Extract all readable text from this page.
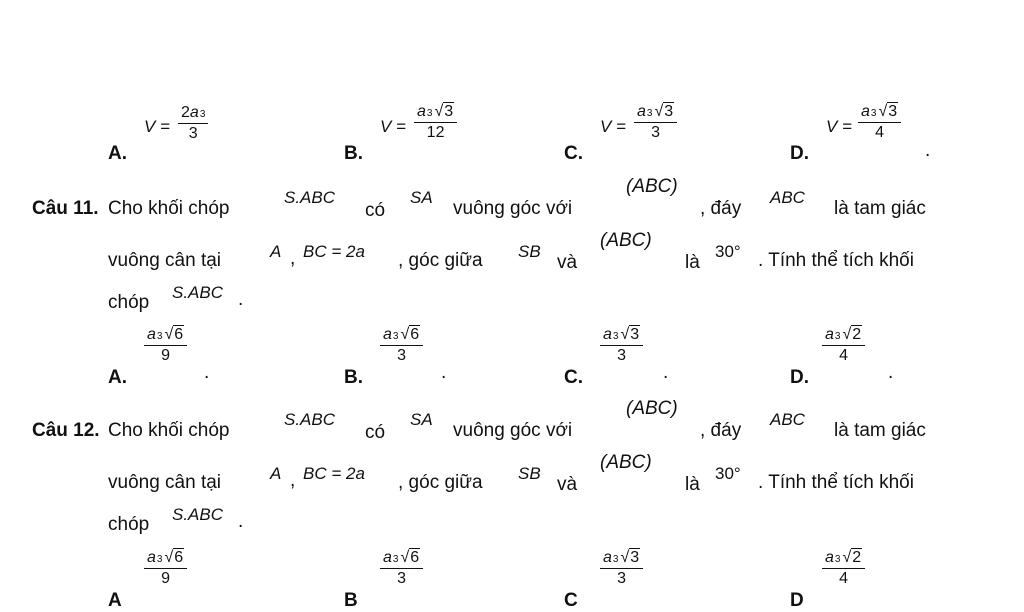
A.
$V = \frac{2 a 3}{3}$
B.
$V = \frac{a 3 √ 3}{12}$
C.
$V = \frac{a 3 √ 3}{3}$
D.
$V = \frac{a 3 √ 3}{4}$
.
Câu 11. Cho khối chóp
S.ABC
có
SA
vuông góc với
(ABC)
, đáy
ABC
là tam giác
vuông cân tại	A , BC = 2a , góc giữa SB
và
(ABC)
là
30° . Tính thể tích khối
chóp S.ABC .
A.
$\frac{a 3 √ 6}{9}$
.	B.
$\frac{a 3 √ 6}{3}$
.	C.
$\frac{a 3 √ 3}{3}$
.	D.
$\frac{a 3 √ 2}{4}$
.
Câu 12. Cho khối chóp
S.ABC
có
SA
vuông góc với
(ABC)
, đáy
ABC
là tam giác
vuông cân tại	A , BC = 2a , góc giữa SB
và
(ABC)
là
30° . Tính thể tích khối
chóp S.ABC .
A
$\frac{a 3 √ 6}{9}$
B
$\frac{a 3 √ 6}{3}$
C
$\frac{a 3 √ 3}{3}$
D
$\frac{a 3 √ 2}{4}$
